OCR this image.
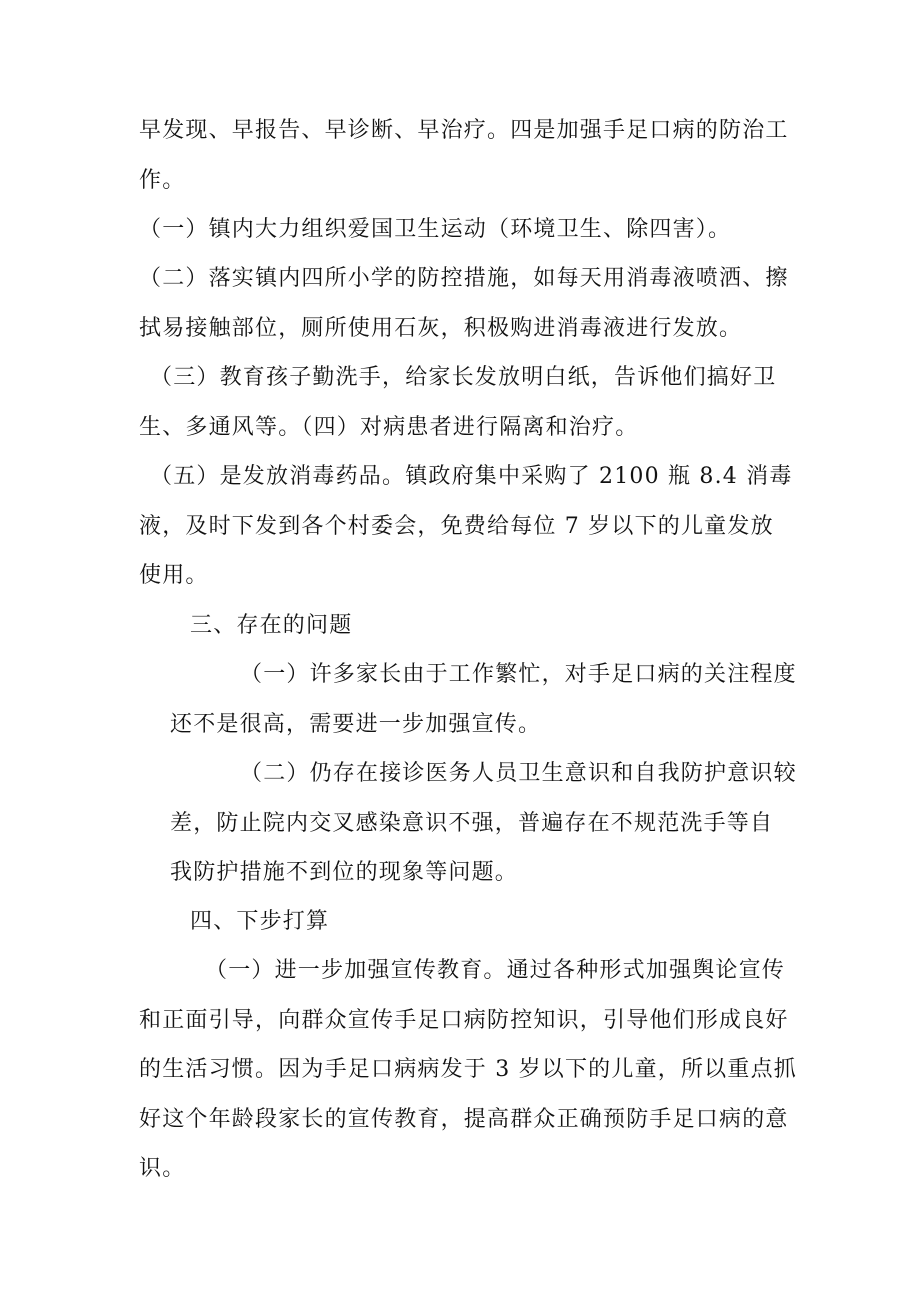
早发现、早报告、早诊断、早治疗。四是加强手足口病的防治工
作。
（一）镇内大力组织爱国卫生运动（环境卫生、除四害）。
（二）落实镇内四所小学的防控措施，如每天用消毒液喷洒、擦
拭易接触部位，厕所使用石灰，积极购进消毒液进行发放。
（三）教育孩子勤洗手，给家长发放明白纸，告诉他们搞好卫
生、多通风等。（四）对病患者进行隔离和治疗。
（五）是发放消毒药品。镇政府集中采购了 2100 瓶 8.4 消毒
液，及时下发到各个村委会，免费给每位 7 岁以下的儿童发放
使用。
三、存在的问题
（一）许多家长由于工作繁忙，对手足口病的关注程度
还不是很高，需要进一步加强宣传。
（二）仍存在接诊医务人员卫生意识和自我防护意识较
差，防止院内交叉感染意识不强，普遍存在不规范洗手等自
我防护措施不到位的现象等问题。
四、下步打算
（一）进一步加强宣传教育。通过各种形式加强舆论宣传
和正面引导，向群众宣传手足口病防控知识，引导他们形成良好
的生活习惯。因为手足口病病发于 3 岁以下的儿童，所以重点抓
好这个年龄段家长的宣传教育，提高群众正确预防手足口病的意
识。
